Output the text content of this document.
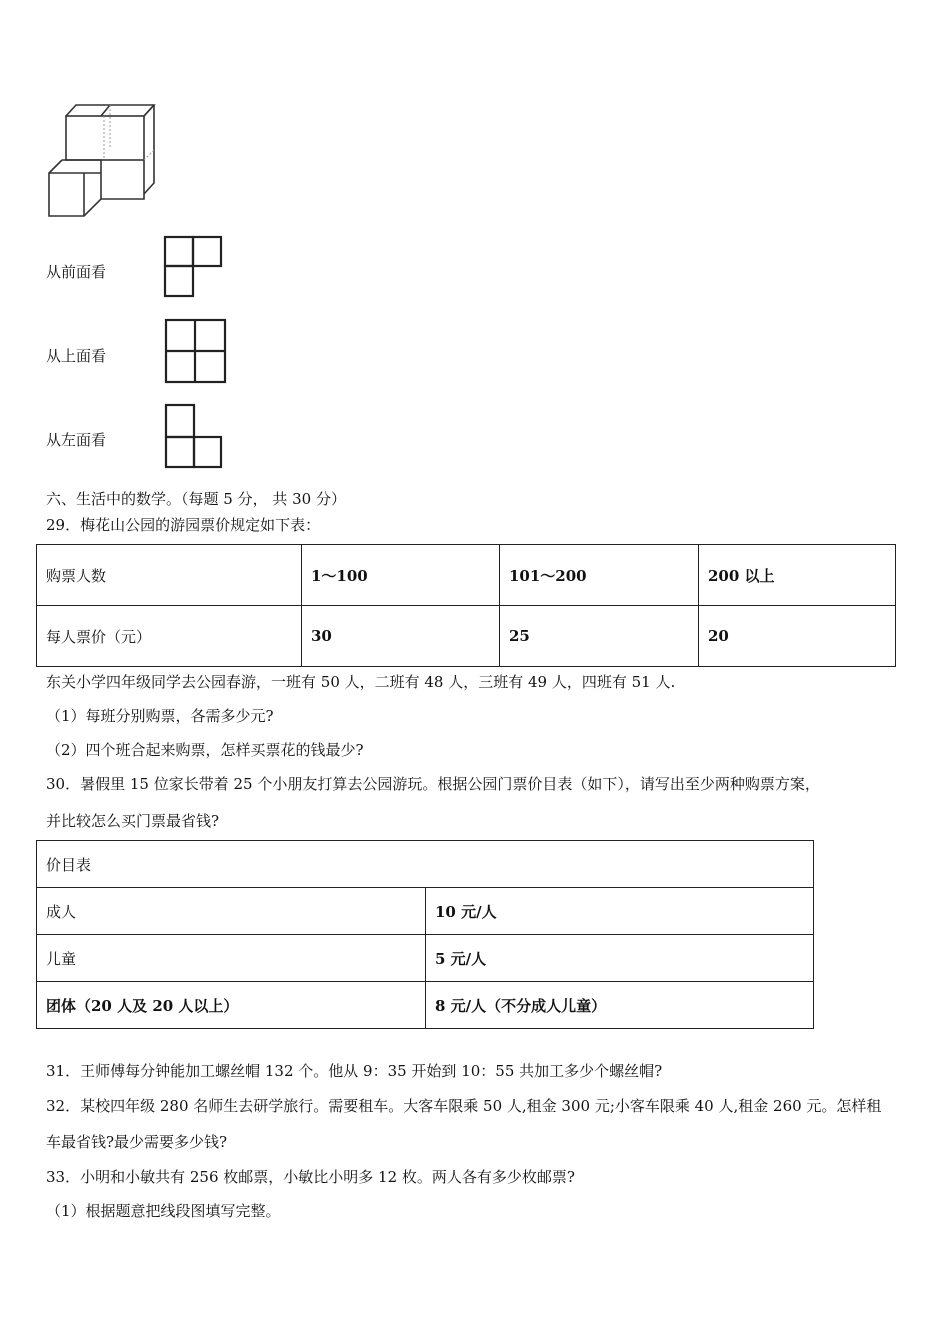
从前面看
从上面看
从左面看
六、生活中的数学。（每题 5 分， 共 30 分）
29．梅花山公园的游园票价规定如下表：
购票人数	1～100	101～200	200 以上
每人票价（元）	30	25	20
东关小学四年级同学去公园春游，一班有 50 人，二班有 48 人，三班有 49 人，四班有 51 人.
（1）每班分别购票，各需多少元?
（2）四个班合起来购票，怎样买票花的钱最少?
30．暑假里 15 位家长带着 25 个小朋友打算去公园游玩。根据公园门票价目表（如下），请写出至少两种购票方案，
并比较怎么买门票最省钱?
价目表	
成人	10 元/人
儿童	5 元/人
团体（20 人及 20 人以上）	8 元/人（不分成人儿童）
31．王师傅每分钟能加工螺丝帽 132 个。他从 9：35 开始到 10：55 共加工多少个螺丝帽?
32．某校四年级 280 名师生去研学旅行。需要租车。大客车限乘 50 人,租金 300 元;小客车限乘 40 人,租金 260 元。怎样租
车最省钱?最少需要多少钱?
33．小明和小敏共有 256 枚邮票，小敏比小明多 12 枚。两人各有多少枚邮票?
（1）根据题意把线段图填写完整。
